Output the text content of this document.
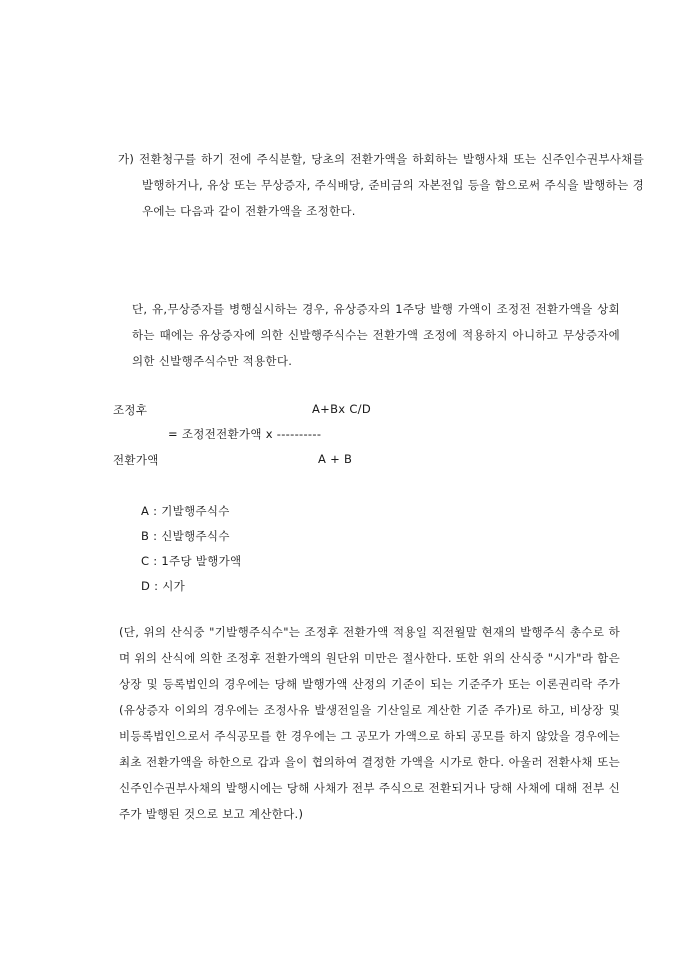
가) 전환청구를 하기 전에 주식분할, 당초의 전환가액을 하회하는 발행사채 또는 신주인수권부사채를 발행하거나, 유상 또는 무상증자, 주식배당, 준비금의 자본전입 등을 함으로써 주식을 발행하는 경우에는 다음과 같이 전환가액을 조정한다.

단, 유,무상증자를 병행실시하는 경우, 유상증자의 1주당 발행 가액이 조정전 전환가액을 상회하는 때에는 유상증자에 의한 신발행주식수는 전환가액 조정에 적용하지 아니하고 무상증자에 의한 신발행주식수만 적용한다.

조정후	A+Bx C/D
= 조정전전환가액 x ----------
전환가액	A + B
A : 기발행주식수
B : 신발행주식수
C : 1주당 발행가액
D : 시가

(단, 위의 산식중 "기발행주식수"는 조정후 전환가액 적용일 직전월말 현재의 발행주식 총수로 하며 위의 산식에 의한 조정후 전환가액의 원단위 미만은 절사한다. 또한 위의 산식중 "시가"라 함은상장 및 등록법인의 경우에는 당해 발행가액 산정의 기준이 되는 기준주가 또는 이론권리락 주가(유상증자 이외의 경우에는 조정사유 발생전일을 기산일로 계산한 기준 주가)로 하고, 비상장 및 비등록법인으로서 주식공모를 한 경우에는 그 공모가 가액으로 하되 공모를 하지 않았을 경우에는 최초 전환가액을 하한으로 갑과 을이 협의하여 결정한 가액을 시가로 한다. 아울러 전환사채 또는 신주인수권부사채의 발행시에는 당해 사채가 전부 주식으로 전환되거나 당해 사채에 대해 전부 신주가 발행된 것으로 보고 계산한다.)
